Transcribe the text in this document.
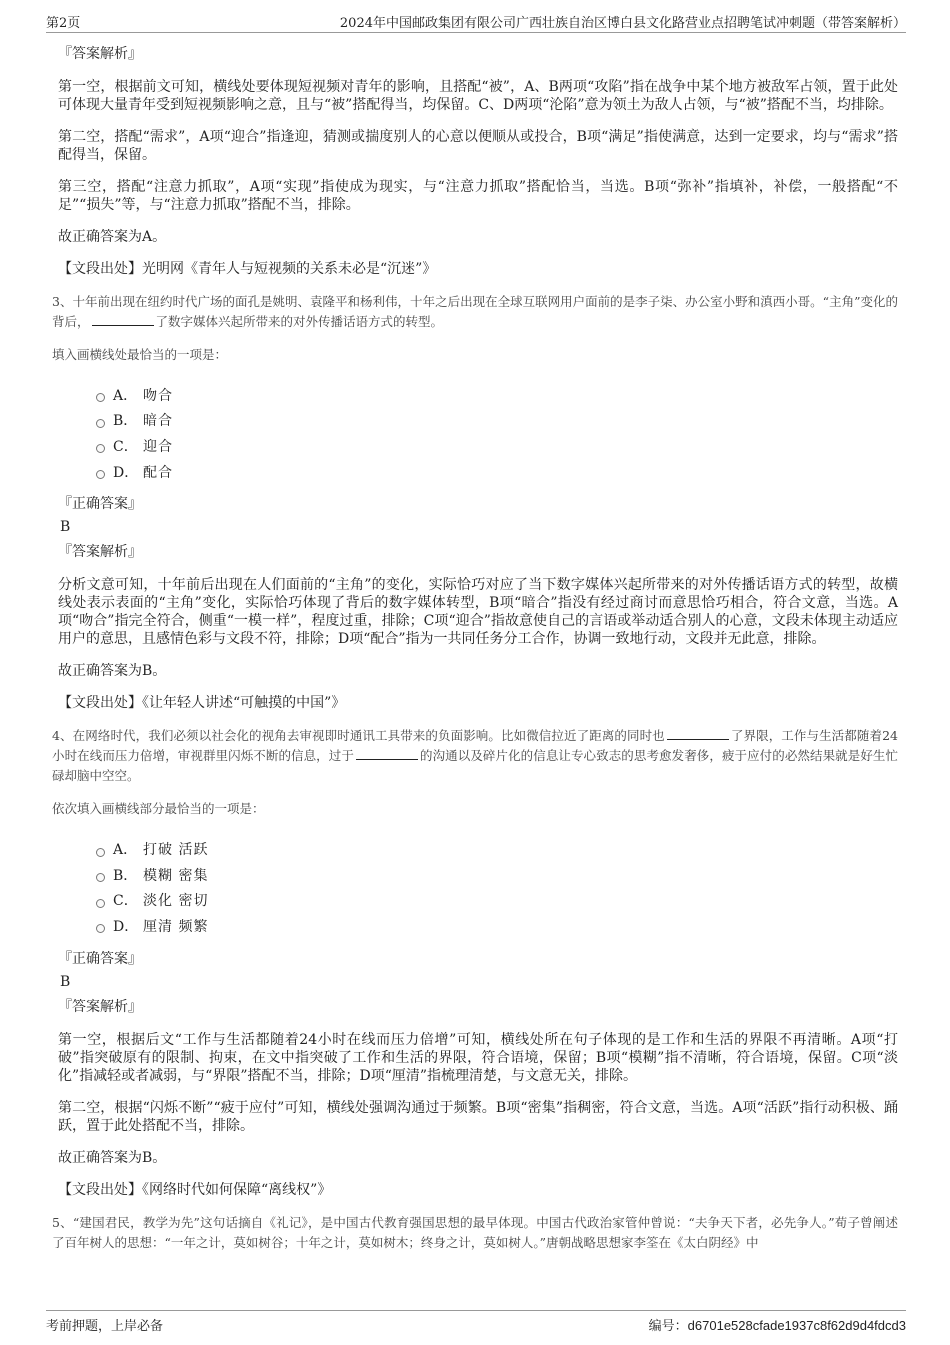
第2页	2024年中国邮政集团有限公司广西壮族自治区博白县文化路营业点招聘笔试冲刺题（带答案解析）
『答案解析』

第一空，根据前文可知，横线处要体现短视频对青年的影响，且搭配“被”，A、B两项“攻陷”指在战争中某个地方被敌军占领，置于此处可体现大量青年受到短视频影响之意，且与“被”搭配得当，均保留。C、D两项“沦陷”意为领土为敌人占领，与“被”搭配不当，均排除。

第二空，搭配“需求”，A项“迎合”指逢迎，猜测或揣度别人的心意以便顺从或投合，B项“满足”指使满意，达到一定要求，均与“需求”搭配得当，保留。

第三空，搭配“注意力抓取”，A项“实现”指使成为现实，与“注意力抓取”搭配恰当，当选。B项“弥补”指填补，补偿，一般搭配“不足”“损失”等，与“注意力抓取”搭配不当，排除。

故正确答案为A。

【文段出处】光明网《青年人与短视频的关系未必是“沉迷”》

3、十年前出现在纽约时代广场的面孔是姚明、袁隆平和杨利伟，十年之后出现在全球互联网用户面前的是李子柒、办公室小野和滇西小哥。“主角”变化的背后，	了数字媒体兴起所带来的对外传播话语方式的转型。

填入画横线处最恰当的一项是：

A． 吻合
B． 暗合
C． 迎合
D． 配合
『正确答案』
B
『答案解析』

分析文意可知，十年前后出现在人们面前的“主角”的变化，实际恰巧对应了当下数字媒体兴起所带来的对外传播话语方式的转型，故横线处表示表面的“主角”变化，实际恰巧体现了背后的数字媒体转型，B项“暗合”指没有经过商讨而意思恰巧相合，符合文意，当选。A项“吻合”指完全符合，侧重“一模一样”，程度过重，排除；C项“迎合”指故意使自己的言语或举动适合别人的心意，文段未体现主动适应用户的意思，且感情色彩与文段不符，排除；D项“配合”指为一共同任务分工合作，协调一致地行动，文段并无此意，排除。

故正确答案为B。

【文段出处】《让年轻人讲述“可触摸的中国”》

4、在网络时代，我们必须以社会化的视角去审视即时通讯工具带来的负面影响。比如微信拉近了距离的同时也	了界限，工作与生活都随着24小时在线而压力倍增，审视群里闪烁不断的信息，过于	的沟通以及碎片化的信息让专心致志的思考愈发奢侈，疲于应付的必然结果就是好生忙碌却脑中空空。

依次填入画横线部分最恰当的一项是：

A． 打破 活跃
B． 模糊 密集
C． 淡化 密切
D． 厘清 频繁
『正确答案』
B
『答案解析』

第一空，根据后文“工作与生活都随着24小时在线而压力倍增”可知，横线处所在句子体现的是工作和生活的界限不再清晰。A项“打破”指突破原有的限制、拘束，在文中指突破了工作和生活的界限，符合语境，保留；B项“模糊”指不清晰，符合语境，保留。C项“淡化”指减轻或者减弱，与“界限”搭配不当，排除；D项“厘清”指梳理清楚，与文意无关，排除。

第二空，根据“闪烁不断”“疲于应付”可知，横线处强调沟通过于频繁。B项“密集”指稠密，符合文意，当选。A项“活跃”指行动积极、踊跃，置于此处搭配不当，排除。

故正确答案为B。

【文段出处】《网络时代如何保障“离线权”》

5、“建国君民，教学为先”这句话摘自《礼记》，是中国古代教育强国思想的最早体现。中国古代政治家管仲曾说：“夫争天下者，必先争人。”荀子曾阐述了百年树人的思想：“一年之计，莫如树谷；十年之计，莫如树木；终身之计，莫如树人。”唐朝战略思想家李筌在《太白阴经》中

考前押题，上岸必备	编号：d6701e528cfade1937c8f62d9d4fdcd3
